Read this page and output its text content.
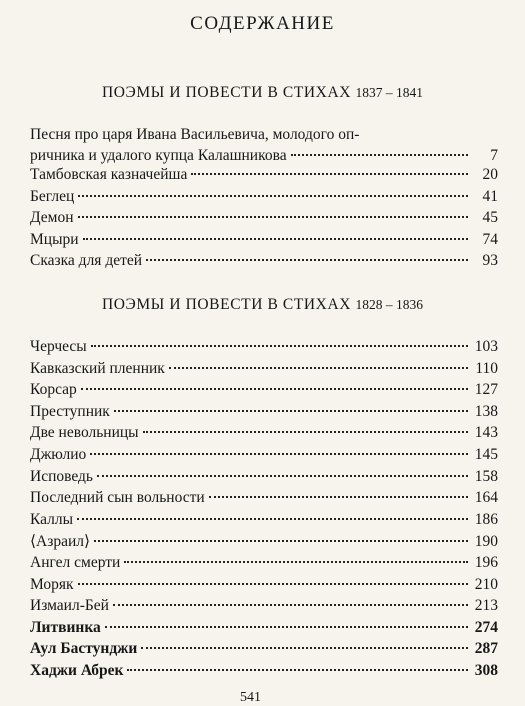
СОДЕРЖАНИЕ
ПОЭМЫ И ПОВЕСТИ В СТИХАХ 1837 – 1841
Песня про царя Ивана Васильевича, молодого оп-
ричника и удалого купца Калашникова	7
Тамбовская казначейша	20
Беглец	41
Демон	45
Мцыри	74
Сказка для детей	93
ПОЭМЫ И ПОВЕСТИ В СТИХАХ 1828 – 1836
Черчесы	103
Кавказский пленник	110
Корсар	127
Преступник	138
Две невольницы	143
Джюлио	145
Исповедь	158
Последний сын вольности	164
Каллы	186
⟨Азраил⟩	190
Ангел смерти	196
Моряк	210
Измаил-Бей	213
Литвинка	274
Аул Бастунджи	287
Хаджи Абрек	308
541
